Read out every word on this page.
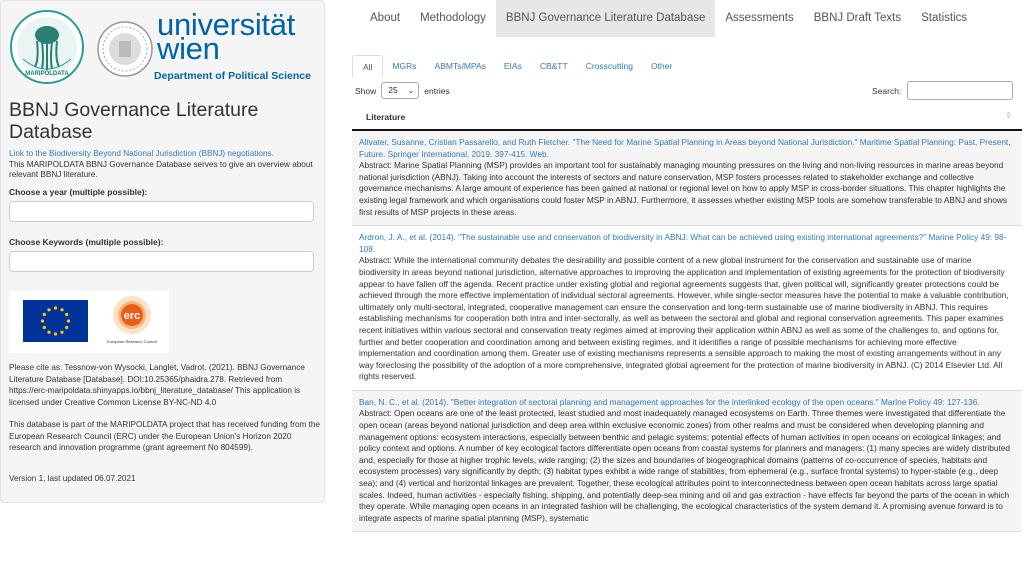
MARIPOLDATA
universität wien
Department of Political Science
BBNJ Governance Literature Database
Link to the Biodiversity Beyond National Jurisdiction (BBNJ) negotiations.
This MARIPOLDATA BBNJ Governance Database serves to give an overview about relevant BBNJ literature.
Choose a year (multiple possible):
Choose Keywords (multiple possible):
erc
European Research Council
Please cite as: Tessnow-von Wysocki, Langlet, Vadrot. (2021). BBNJ Governance Literature Database [Database]. DOI:10.25365/phaidra.278. Retrieved from https://erc-maripoldata.shinyapps.io/bbnj_literature_database/ This application is licensed under Creative Common License BY-NC-ND 4.0
This database is part of the MARIPOLDATA project that has received funding from the European Research Council (ERC) under the European Union's Horizon 2020 research and innovation programme (grant agreement No 804599).
Version 1, last updated 06.07.2021
About	Methodology	BBNJ Governance Literature Database	Assessments	BBNJ Draft Texts	Statistics
All	MGRs	ABMTs/MPAs	EIAs	CB&TT	Crosscutting	Other
Show	25 ⌄ entries	Search:
Literature	⇕
Altvater, Susanne, Cristian Passarello, and Ruth Fletcher. "The Need for Marine Spatial Planning in Areas beyond National Jurisdiction." Maritime Spatial Planning: Past, Present, Future. Springer International, 2019. 397-415. Web.
Abstract: Marine Spatial Planning (MSP) provides an important tool for sustainably managing mounting pressures on the living and non-living resources in marine areas beyond national jurisdiction (ABNJ). Taking into account the interests of sectors and nature conservation, MSP fosters processes related to stakeholder exchange and collective governance mechanisms. A large amount of experience has been gained at national or regional level on how to apply MSP in cross-border situations. This chapter highlights the existing legal framework and which organisations could foster MSP in ABNJ. Furthermore, it assesses whether existing MSP tools are somehow transferable to ABNJ and shows first results of MSP projects in these areas.
Ardron, J. A., et al. (2014). "The sustainable use and conservation of biodiversity in ABNJ: What can be achieved using existing international agreements?" Marine Policy 49: 98-108.
Abstract: While the international community debates the desirability and possible content of a new global instrument for the conservation and sustainable use of marine biodiversity in areas beyond national jurisdiction, alternative approaches to improving the application and implementation of existing agreements for the protection of biodiversity appear to have fallen off the agenda. Recent practice under existing global and regional agreements suggests that, given political will, significantly greater protections could be achieved through the more effective implementation of individual sectoral agreements. However, while single-sector measures have the potential to make a valuable contribution, ultimately only multi-sectoral, integrated, cooperative management can ensure the conservation and long-term sustainable use of marine biodiversity in ABNJ. This requires establishing mechanisms for cooperation both intra and inter-sectorally, as well as between the sectoral and global and regional conservation agreements. This paper examines recent initiatives within various sectoral and conservation treaty regimes aimed at improving their application within ABNJ as well as some of the challenges to, and options for, further and better cooperation and coordination among and between existing regimes, and it identifies a range of possible mechanisms for achieving more effective implementation and coordination among them. Greater use of existing mechanisms represents a sensible approach to making the most of existing arrangements without in any way foreclosing the possibility of the adoption of a more comprehensive, integrated global agreement for the protection of marine biodiversity in ABNJ. (C) 2014 Elsevier Ltd. All rights reserved.
Ban, N. C., et al. (2014). "Better integration of sectoral planning and management approaches for the interlinked ecology of the open oceans." Marine Policy 49: 127-136.
Abstract: Open oceans are one of the least protected, least studied and most inadequately managed ecosystems on Earth. Three themes were investigated that differentiate the open ocean (areas beyond national jurisdiction and deep area within exclusive economic zones) from other realms and must be considered when developing planning and management options: ecosystem interactions, especially between benthic and pelagic systems; potential effects of human activities in open oceans on ecological linkages; and policy context and options. A number of key ecological factors differentiate open oceans from coastal systems for planners and managers: (1) many species are widely distributed and, especially for those at higher trophic levels, wide ranging; (2) the sizes and boundaries of biogeographical domains (patterns of co-occurrence of species, habitats and ecosystem processes) vary significantly by depth; (3) habitat types exhibit a wide range of stabilities, from ephemeral (e.g., surface frontal systems) to hyper-stable (e.g., deep sea); and (4) vertical and horizontal linkages are prevalent. Together, these ecological attributes point to interconnectedness between open ocean habitats across large spatial scales. Indeed, human activities - especially fishing, shipping, and potentially deep-sea mining and oil and gas extraction - have effects far beyond the parts of the ocean in which they operate. While managing open oceans in an integrated fashion will be challenging, the ecological characteristics of the system demand it. A promising avenue forward is to integrate aspects of marine spatial planning (MSP), systematic
